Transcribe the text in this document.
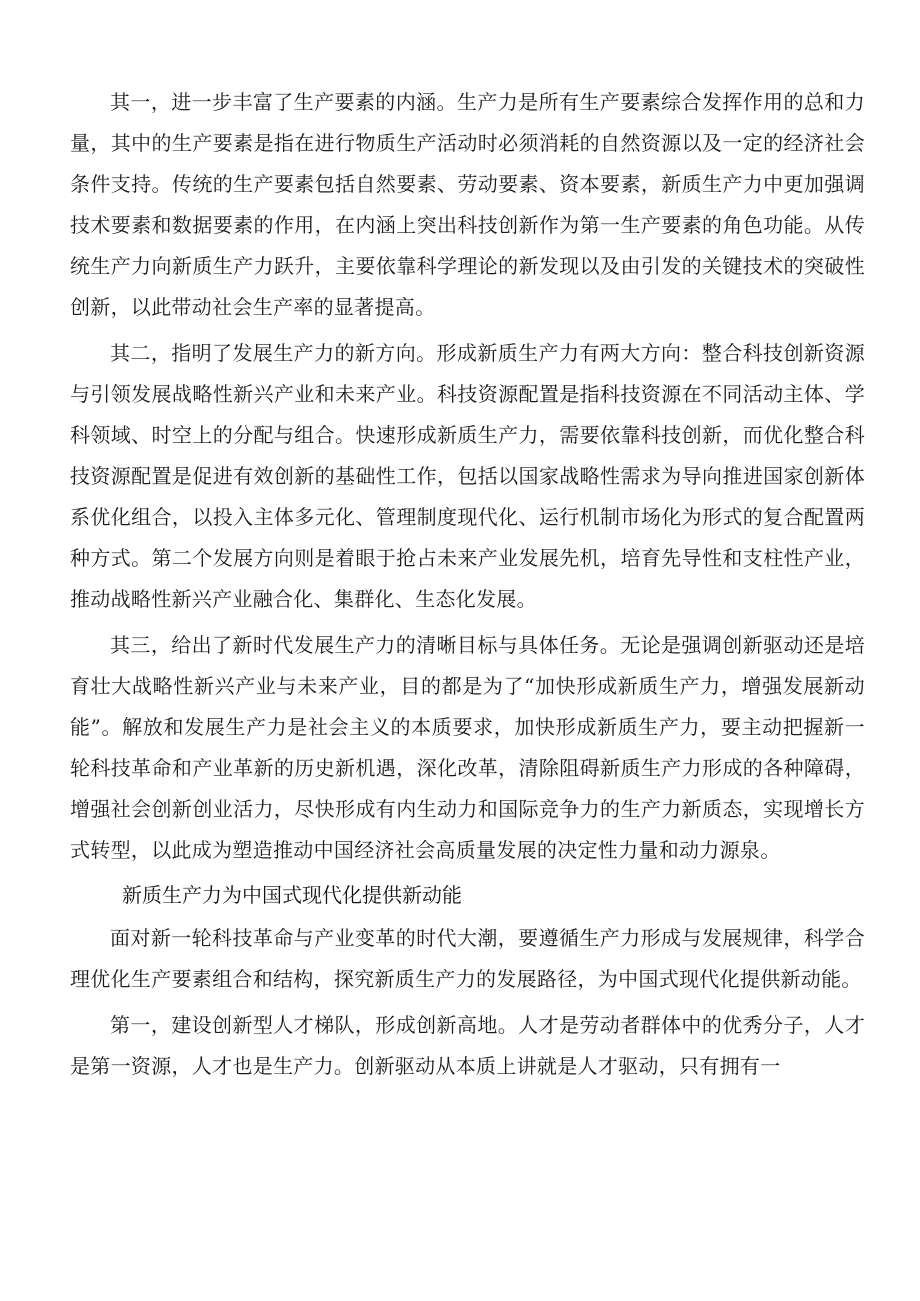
其一，进一步丰富了生产要素的内涵。生产力是所有生产要素综合发挥作用的总和力量，其中的生产要素是指在进行物质生产活动时必须消耗的自然资源以及一定的经济社会条件支持。传统的生产要素包括自然要素、劳动要素、资本要素，新质生产力中更加强调技术要素和数据要素的作用，在内涵上突出科技创新作为第一生产要素的角色功能。从传统生产力向新质生产力跃升，主要依靠科学理论的新发现以及由引发的关键技术的突破性创新，以此带动社会生产率的显著提高。

其二，指明了发展生产力的新方向。形成新质生产力有两大方向：整合科技创新资源与引领发展战略性新兴产业和未来产业。科技资源配置是指科技资源在不同活动主体、学科领域、时空上的分配与组合。快速形成新质生产力，需要依靠科技创新，而优化整合科技资源配置是促进有效创新的基础性工作，包括以国家战略性需求为导向推进国家创新体系优化组合，以投入主体多元化、管理制度现代化、运行机制市场化为形式的复合配置两种方式。第二个发展方向则是着眼于抢占未来产业发展先机，培育先导性和支柱性产业，推动战略性新兴产业融合化、集群化、生态化发展。

其三，给出了新时代发展生产力的清晰目标与具体任务。无论是强调创新驱动还是培育壮大战略性新兴产业与未来产业，目的都是为了“加快形成新质生产力，增强发展新动能”。解放和发展生产力是社会主义的本质要求，加快形成新质生产力，要主动把握新一轮科技革命和产业革新的历史新机遇，深化改革，清除阻碍新质生产力形成的各种障碍，增强社会创新创业活力，尽快形成有内生动力和国际竞争力的生产力新质态，实现增长方式转型，以此成为塑造推动中国经济社会高质量发展的决定性力量和动力源泉。

新质生产力为中国式现代化提供新动能

面对新一轮科技革命与产业变革的时代大潮，要遵循生产力形成与发展规律，科学合理优化生产要素组合和结构，探究新质生产力的发展路径，为中国式现代化提供新动能。

第一，建设创新型人才梯队，形成创新高地。人才是劳动者群体中的优秀分子，人才是第一资源，人才也是生产力。创新驱动从本质上讲就是人才驱动，只有拥有一
